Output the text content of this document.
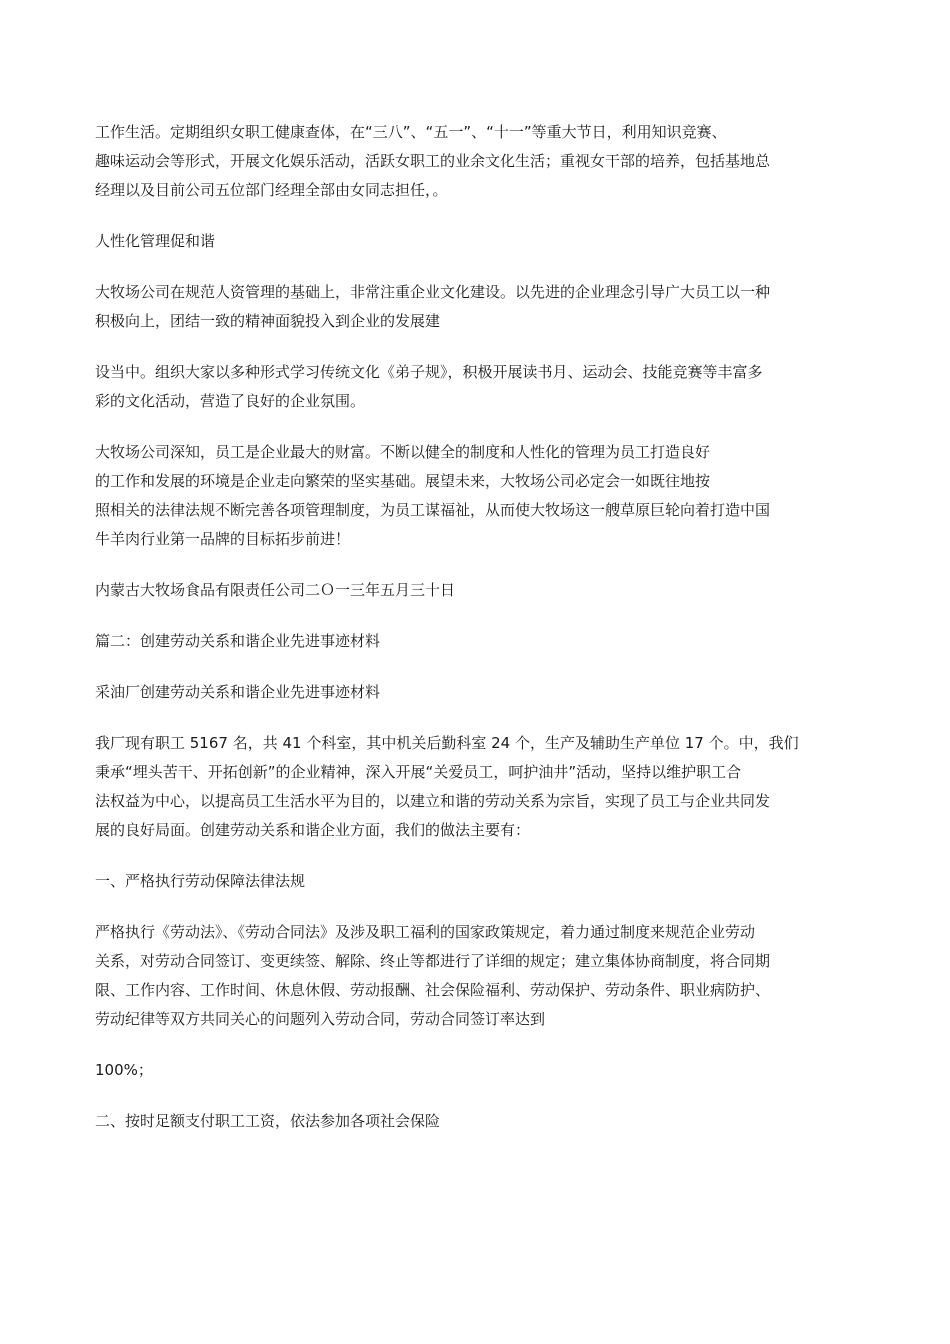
工作生活。定期组织女职工健康查体，在“三八”、“五一”、“十一”等重大节日，利用知识竞赛、
趣味运动会等形式，开展文化娱乐活动，活跃女职工的业余文化生活；重视女干部的培养，包括基地总
经理以及目前公司五位部门经理全部由女同志担任，。
人性化管理促和谐
大牧场公司在规范人资管理的基础上，非常注重企业文化建设。以先进的企业理念引导广大员工以一种
积极向上，团结一致的精神面貌投入到企业的发展建
设当中。组织大家以多种形式学习传统文化《弟子规》，积极开展读书月、运动会、技能竞赛等丰富多
彩的文化活动，营造了良好的企业氛围。
大牧场公司深知，员工是企业最大的财富。不断以健全的制度和人性化的管理为员工打造良好
的工作和发展的环境是企业走向繁荣的坚实基础。展望未来，大牧场公司必定会一如既往地按
照相关的法律法规不断完善各项管理制度，为员工谋福祉，从而使大牧场这一艘草原巨轮向着打造中国
牛羊肉行业第一品牌的目标拓步前进！
内蒙古大牧场食品有限责任公司二Ｏ一三年五月三十日
篇二：创建劳动关系和谐企业先进事迹材料
采油厂创建劳动关系和谐企业先进事迹材料
我厂现有职工 5167 名，共 41 个科室，其中机关后勤科室 24 个，生产及辅助生产单位 17 个。中，我们
秉承“埋头苦干、开拓创新”的企业精神，深入开展“关爱员工，呵护油井”活动，坚持以维护职工合
法权益为中心，以提高员工生活水平为目的，以建立和谐的劳动关系为宗旨，实现了员工与企业共同发
展的良好局面。创建劳动关系和谐企业方面，我们的做法主要有：
一、严格执行劳动保障法律法规
严格执行《劳动法》、《劳动合同法》及涉及职工福利的国家政策规定，着力通过制度来规范企业劳动
关系，对劳动合同签订、变更续签、解除、终止等都进行了详细的规定；建立集体协商制度，将合同期
限、工作内容、工作时间、休息休假、劳动报酬、社会保险福利、劳动保护、劳动条件、职业病防护、
劳动纪律等双方共同关心的问题列入劳动合同，劳动合同签订率达到
100%；
二、按时足额支付职工工资，依法参加各项社会保险
